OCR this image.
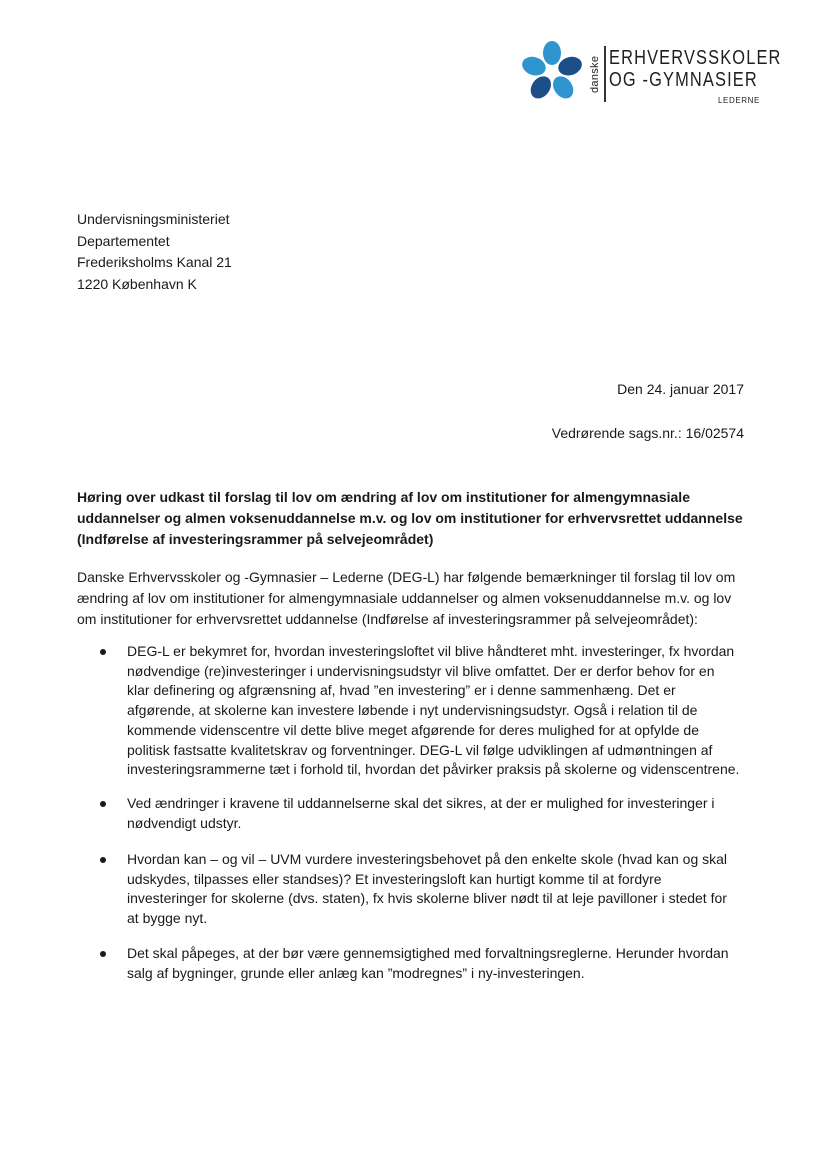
danske ERHVERVSSKOLER
OG -GYMNASIER
LEDERNE
Undervisningsministeriet
Departementet
Frederiksholms Kanal 21
1220 København K
Den 24. januar 2017
Vedrørende sags.nr.: 16/02574
Høring over udkast til forslag til lov om ændring af lov om institutioner for almengymnasiale
uddannelser og almen voksenuddannelse m.v. og lov om institutioner for erhvervsrettet uddannelse
(Indførelse af investeringsrammer på selvejeområdet)
Danske Erhvervsskoler og -Gymnasier – Lederne (DEG-L) har følgende bemærkninger til forslag til lov om
ændring af lov om institutioner for almengymnasiale uddannelser og almen voksenuddannelse m.v. og lov
om institutioner for erhvervsrettet uddannelse (Indførelse af investeringsrammer på selvejeområdet):
DEG-L er bekymret for, hvordan investeringsloftet vil blive håndteret mht. investeringer, fx hvordan
nødvendige (re)investeringer i undervisningsudstyr vil blive omfattet. Der er derfor behov for en
klar definering og afgrænsning af, hvad ”en investering” er i denne sammenhæng. Det er
afgørende, at skolerne kan investere løbende i nyt undervisningsudstyr. Også i relation til de
kommende videnscentre vil dette blive meget afgørende for deres mulighed for at opfylde de
politisk fastsatte kvalitetskrav og forventninger. DEG-L vil følge udviklingen af udmøntningen af
investeringsrammerne tæt i forhold til, hvordan det påvirker praksis på skolerne og videnscentrene.
Ved ændringer i kravene til uddannelserne skal det sikres, at der er mulighed for investeringer i
nødvendigt udstyr.
Hvordan kan – og vil – UVM vurdere investeringsbehovet på den enkelte skole (hvad kan og skal
udskydes, tilpasses eller standses)? Et investeringsloft kan hurtigt komme til at fordyre
investeringer for skolerne (dvs. staten), fx hvis skolerne bliver nødt til at leje pavilloner i stedet for
at bygge nyt.
Det skal påpeges, at der bør være gennemsigtighed med forvaltningsreglerne. Herunder hvordan
salg af bygninger, grunde eller anlæg kan ”modregnes” i ny-investeringen.
